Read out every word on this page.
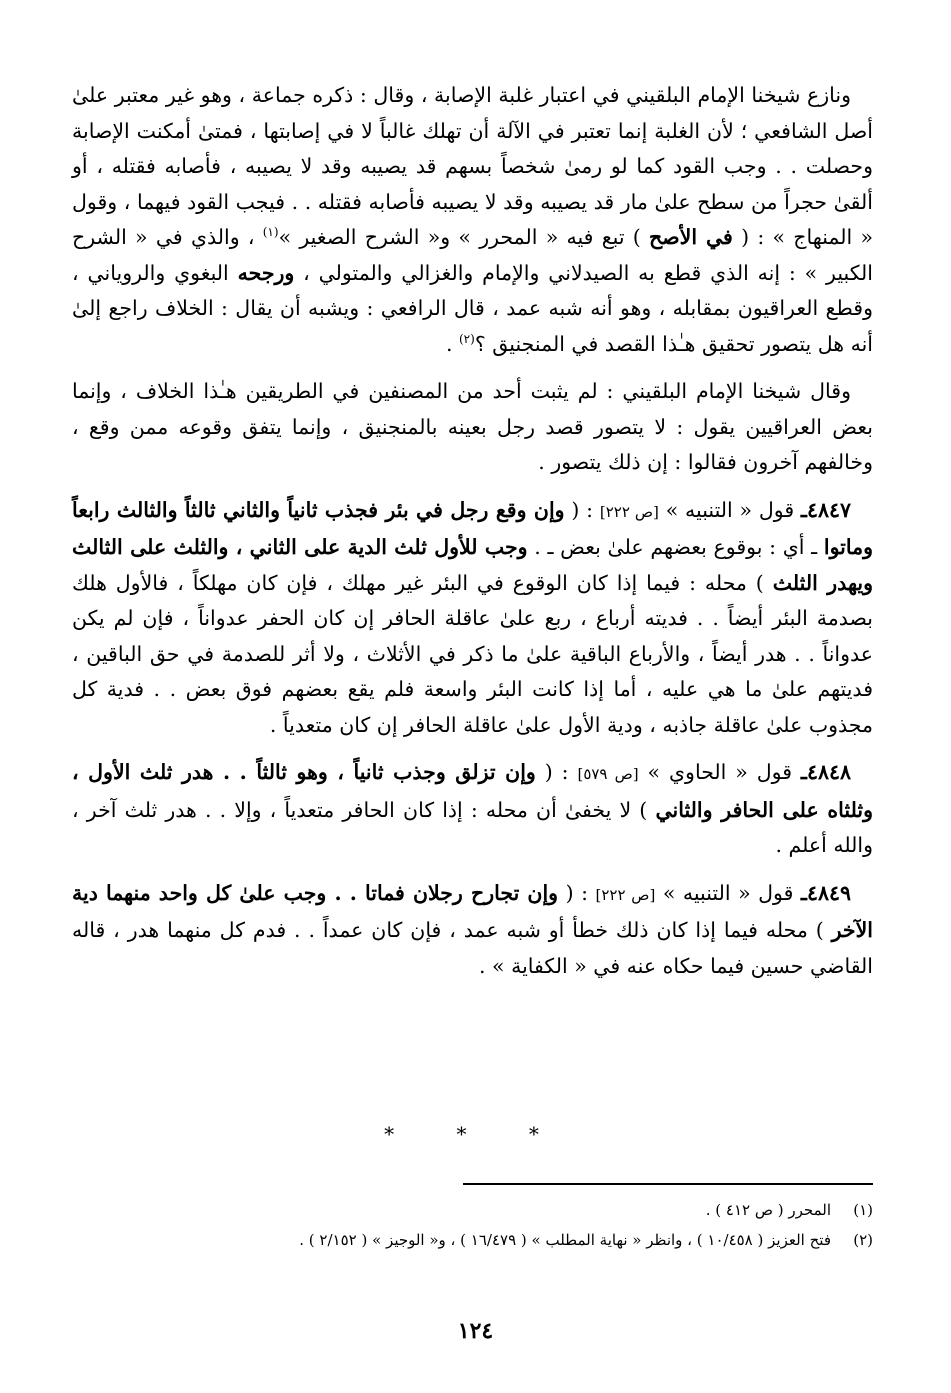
ونازع شيخنا الإمام البلقيني في اعتبار غلبة الإصابة ، وقال : ذكره جماعة ، وهو غير معتبر علىٰ أصل الشافعي ؛ لأن الغلبة إنما تعتبر في الآلة أن تهلك غالباً لا في إصابتها ، فمتىٰ أمكنت الإصابة وحصلت . . وجب القود كما لو رمىٰ شخصاً بسهم قد يصيبه وقد لا يصيبه ، فأصابه فقتله ، أو ألقىٰ حجراً من سطح علىٰ مار قد يصيبه وقد لا يصيبه فأصابه فقتله . . فيجب القود فيهما ، وقول « المنهاج » : ( في الأصح ) تبع فيه « المحرر » و« الشرح الصغير »$^{(١)}$ ، والذي في « الشرح الكبير » : إنه الذي قطع به الصيدلاني والإمام والغزالي والمتولي ، ورجحه البغوي والروياني ، وقطع العراقيون بمقابله ، وهو أنه شبه عمد ، قال الرافعي : ويشبه أن يقال : الخلاف راجع إلىٰ أنه هل يتصور تحقيق هـٰذا القصد في المنجنيق ؟$^{(٢)}$ .

وقال شيخنا الإمام البلقيني : لم يثبت أحد من المصنفين في الطريقين هـٰذا الخلاف ، وإنما بعض العراقيين يقول : لا يتصور قصد رجل بعينه بالمنجنيق ، وإنما يتفق وقوعه ممن وقع ، وخالفهم آخرون فقالوا : إن ذلك يتصور .

٤٨٤٧ـ قول « التنبيه » [ص ٢٢٢] : ( وإن وقع رجل في بئر فجذب ثانياً والثاني ثالثاً والثالث رابعاً وماتوا ـ أي : بوقوع بعضهم علىٰ بعض ـ . وجب للأول ثلث الدية على الثاني ، والثلث على الثالث ويهدر الثلث ) محله : فيما إذا كان الوقوع في البئر غير مهلك ، فإن كان مهلكاً ، فالأول هلك بصدمة البئر أيضاً . . فديته أرباع ، ربع علىٰ عاقلة الحافر إن كان الحفر عدواناً ، فإن لم يكن عدواناً . . هدر أيضاً ، والأرباع الباقية علىٰ ما ذكر في الأثلاث ، ولا أثر للصدمة في حق الباقين ، فديتهم علىٰ ما هي عليه ، أما إذا كانت البئر واسعة فلم يقع بعضهم فوق بعض . . فدية كل مجذوب علىٰ عاقلة جاذبه ، ودية الأول علىٰ عاقلة الحافر إن كان متعدياً .

٤٨٤٨ـ قول « الحاوي » [ص ٥٧٩] : ( وإن تزلق وجذب ثانياً ، وهو ثالثاً . . هدر ثلث الأول ، وثلثاه على الحافر والثاني ) لا يخفىٰ أن محله : إذا كان الحافر متعدياً ، وإلا . . هدر ثلث آخر ، والله أعلم .

٤٨٤٩ـ قول « التنبيه » [ص ٢٢٢] : ( وإن تجارح رجلان فماتا . . وجب علىٰ كل واحد منهما دية الآخر ) محله فيما إذا كان ذلك خطأ أو شبه عمد ، فإن كان عمداً . . فدم كل منهما هدر ، قاله القاضي حسين فيما حكاه عنه في « الكفاية » .

* * *
(١)
المحرر ( ص ٤١٢ ) .
(٢)
فتح العزيز ( ١٠/٤٥٨ ) ، وانظر « نهاية المطلب » ( ١٦/٤٧٩ ) ، و« الوجيز » ( ٢/١٥٢ ) .
١٢٤
